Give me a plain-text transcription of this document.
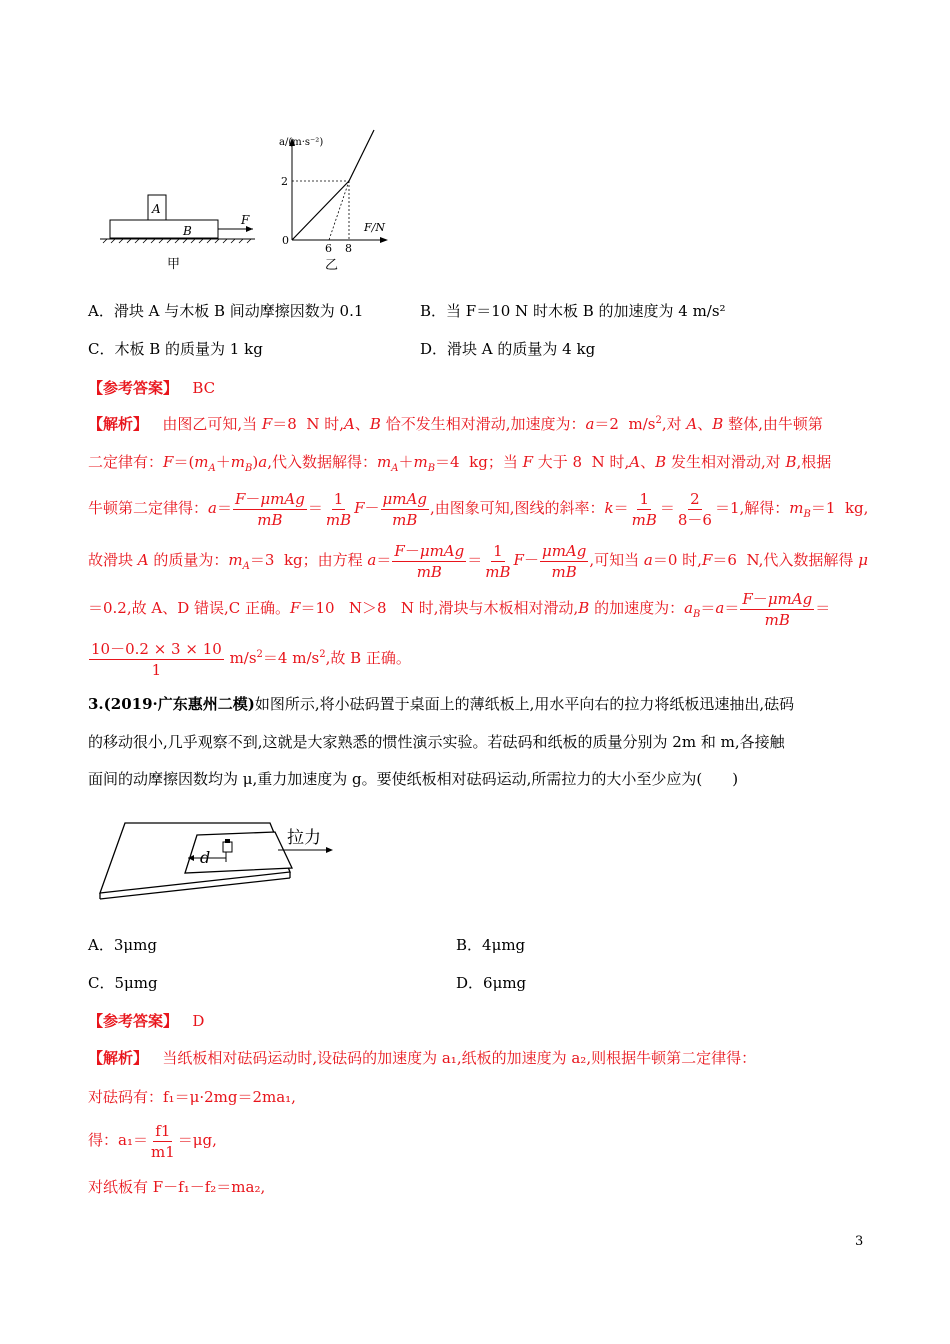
A
B
F
甲
a/(m·s⁻²)
2
0
6 8
F/N
乙
A．滑块 A 与木板 B 间动摩擦因数为 0.1	B．当 F＝10 N 时木板 B 的加速度为 4 m/s²
C．木板 B 的质量为 1 kg	D．滑块 A 的质量为 4 kg
【参考答案】 BC
【解析】   由图乙可知,当 F＝8  N 时,A、B 恰不发生相对滑动,加速度为：a＝2  $m/s^2$,对 A、B 整体,由牛顿第
二定律有：$F=(m_A+m_B)a$,代入数据解得：$m_A+m_B=4$  kg；当 F 大于 8  N 时,A、B 发生相对滑动,对 B,根据
牛顿第二定律得：$a= \frac{\text{F－μmAg}}{mB} = \frac{1}{mB} F- \frac{\text{μmAg}}{mB}$ ,由图象可知,图线的斜率：$k= \frac{1}{mB} = \frac{2}{8-6} =1$,解得：$m_B=1$  kg,
故滑块 A 的质量为：$m_A=3$  kg；由方程 $a= \frac{\text{F－μmAg}}{mB} = \frac{1}{mB} F- \frac{\text{μmAg}}{mB}$ ,可知当 a＝0 时,F＝6  N,代入数据解得 μ
＝0.2,故 A、D 错误,C 正确。F＝10   N＞8   N 时,滑块与木板相对滑动,B 的加速度为：$a_B=a= \frac{\text{F－μmAg}}{mB}$ ＝
$\frac{10-0.2 \times 3 \times 10}{1} m/s^2=4$ $m/s^2$,故 B 正确。
3.(2019·广东惠州二模)如图所示,将小砝码置于桌面上的薄纸板上,用水平向右的拉力将纸板迅速抽出,砝码
的移动很小,几乎观察不到,这就是大家熟悉的惯性演示实验。若砝码和纸板的质量分别为 2m 和 m,各接触
面间的动摩擦因数均为 μ,重力加速度为 g。要使纸板相对砝码运动,所需拉力的大小至少应为(　　)
拉力
d
A．3μmg	B．4μmg
C．5μmg	D．6μmg
【参考答案】 D
【解析】 当纸板相对砝码运动时,设砝码的加速度为 a₁,纸板的加速度为 a₂,则根据牛顿第二定律得：
对砝码有：f₁＝μ·2mg＝2ma₁,
得：$a_1= \frac{f1}{m1} =\mu g$,
对纸板有 F－f₁－f₂＝ma₂,
3
